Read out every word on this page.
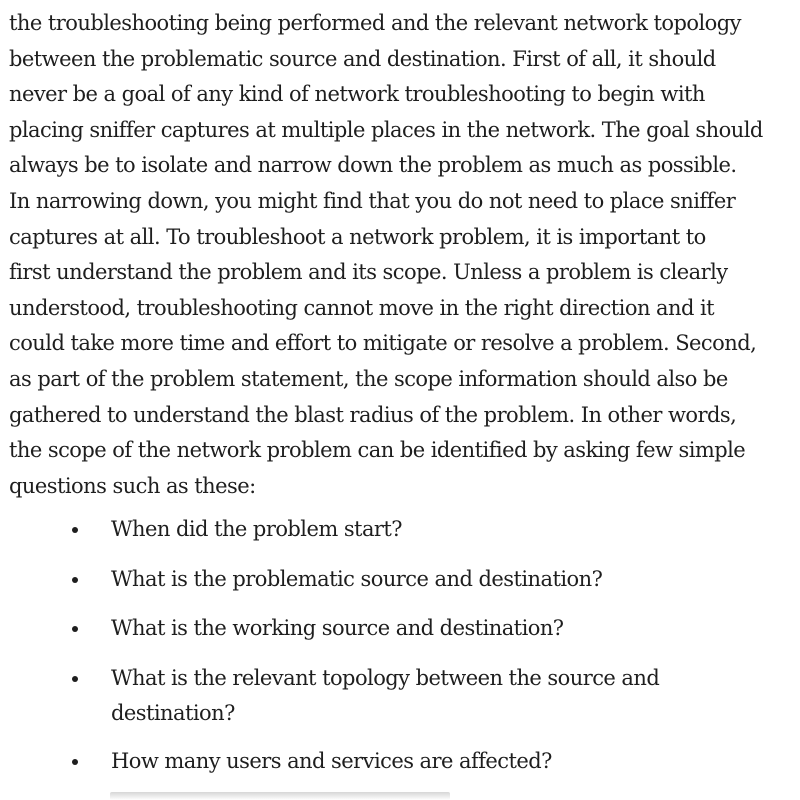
the troubleshooting being performed and the relevant network topology
between the problematic source and destination. First of all, it should
never be a goal of any kind of network troubleshooting to begin with
placing sniffer captures at multiple places in the network. The goal should
always be to isolate and narrow down the problem as much as possible.
In narrowing down, you might find that you do not need to place sniffer
captures at all. To troubleshoot a network problem, it is important to
first understand the problem and its scope. Unless a problem is clearly
understood, troubleshooting cannot move in the right direction and it
could take more time and effort to mitigate or resolve a problem. Second,
as part of the problem statement, the scope information should also be
gathered to understand the blast radius of the problem. In other words,
the scope of the network problem can be identified by asking few simple
questions such as these:

When did the problem start?
What is the problematic source and destination?
What is the working source and destination?
What is the relevant topology between the source and
destination?
How many users and services are affected?
